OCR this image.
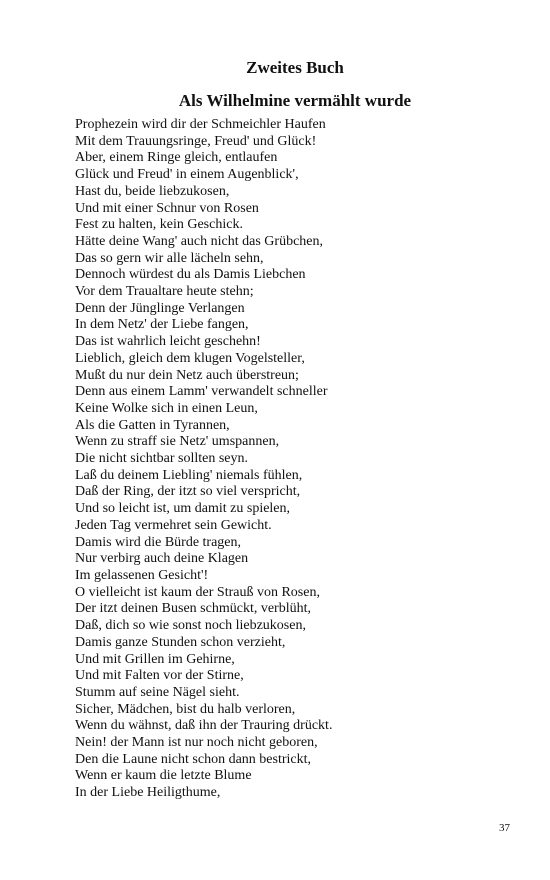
Zweites Buch
Als Wilhelmine vermählt wurde
Prophezein wird dir der Schmeichler Haufen
Mit dem Trauungsringe, Freud' und Glück!
Aber, einem Ringe gleich, entlaufen
Glück und Freud' in einem Augenblick',
Hast du, beide liebzukosen,
Und mit einer Schnur von Rosen
Fest zu halten, kein Geschick.
Hätte deine Wang' auch nicht das Grübchen,
Das so gern wir alle lächeln sehn,
Dennoch würdest du als Damis Liebchen
Vor dem Traualtare heute stehn;
Denn der Jünglinge Verlangen
In dem Netz' der Liebe fangen,
Das ist wahrlich leicht geschehn!
Lieblich, gleich dem klugen Vogelsteller,
Mußt du nur dein Netz auch überstreun;
Denn aus einem Lamm' verwandelt schneller
Keine Wolke sich in einen Leun,
Als die Gatten in Tyrannen,
Wenn zu straff sie Netz' umspannen,
Die nicht sichtbar sollten seyn.
Laß du deinem Liebling' niemals fühlen,
Daß der Ring, der itzt so viel verspricht,
Und so leicht ist, um damit zu spielen,
Jeden Tag vermehret sein Gewicht.
Damis wird die Bürde tragen,
Nur verbirg auch deine Klagen
Im gelassenen Gesicht'!
O vielleicht ist kaum der Strauß von Rosen,
Der itzt deinen Busen schmückt, verblüht,
Daß, dich so wie sonst noch liebzukosen,
Damis ganze Stunden schon verzieht,
Und mit Grillen im Gehirne,
Und mit Falten vor der Stirne,
Stumm auf seine Nägel sieht.
Sicher, Mädchen, bist du halb verloren,
Wenn du wähnst, daß ihn der Trauring drückt.
Nein! der Mann ist nur noch nicht geboren,
Den die Laune nicht schon dann bestrickt,
Wenn er kaum die letzte Blume
In der Liebe Heiligthume,
37
